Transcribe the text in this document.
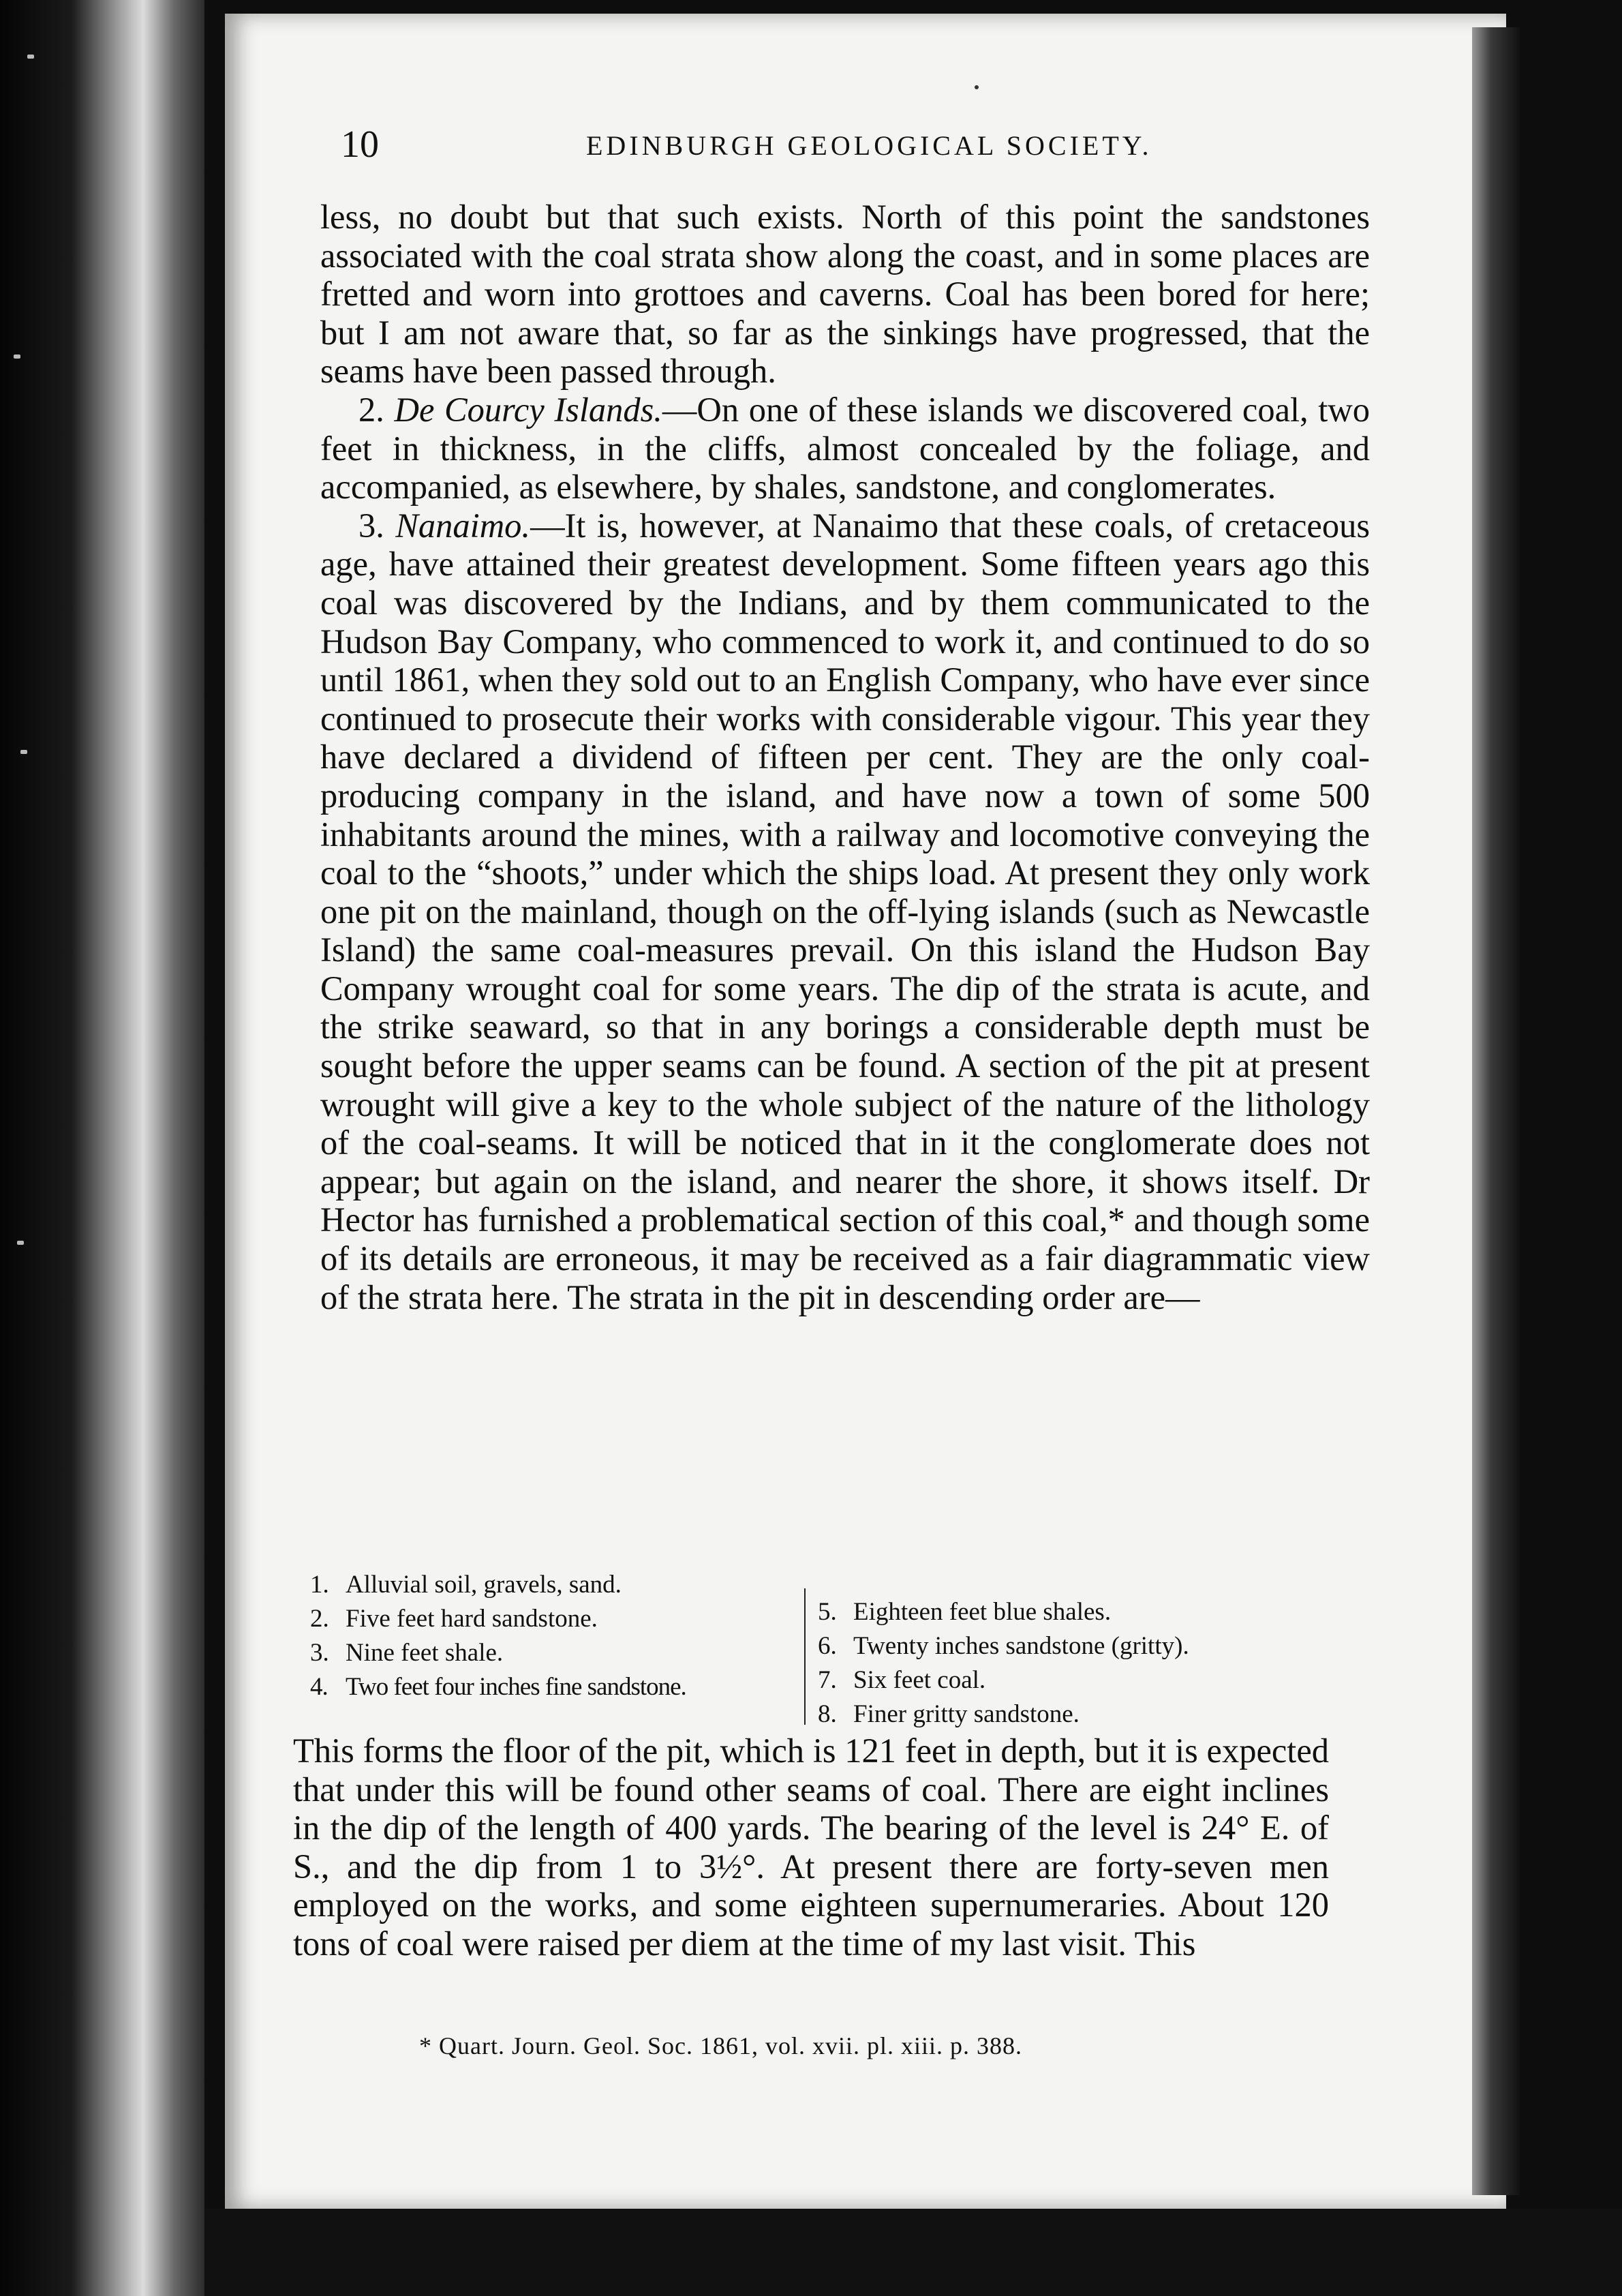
10	EDINBURGH GEOLOGICAL SOCIETY.

less, no doubt but that such exists. North of this point the sandstones associated with the coal strata show along the coast, and in some places are fretted and worn into grottoes and caverns. Coal has been bored for here; but I am not aware that, so far as the sinkings have progressed, that the seams have been passed through.

2. De Courcy Islands.—On one of these islands we discovered coal, two feet in thickness, in the cliffs, almost concealed by the foliage, and accompanied, as elsewhere, by shales, sandstone, and conglomerates.

3. Nanaimo.—It is, however, at Nanaimo that these coals, of cretaceous age, have attained their greatest development. Some fifteen years ago this coal was discovered by the Indians, and by them communicated to the Hudson Bay Company, who commenced to work it, and continued to do so until 1861, when they sold out to an English Company, who have ever since continued to prosecute their works with considerable vigour. This year they have declared a dividend of fifteen per cent. They are the only coal-producing company in the island, and have now a town of some 500 inhabitants around the mines, with a railway and locomotive conveying the coal to the “shoots,” under which the ships load. At present they only work one pit on the mainland, though on the off-lying islands (such as Newcastle Island) the same coal-measures prevail. On this island the Hudson Bay Company wrought coal for some years. The dip of the strata is acute, and the strike seaward, so that in any borings a considerable depth must be sought before the upper seams can be found. A section of the pit at present wrought will give a key to the whole subject of the nature of the lithology of the coal-seams. It will be noticed that in it the conglomerate does not appear; but again on the island, and nearer the shore, it shows itself. Dr Hector has furnished a problematical section of this coal,* and though some of its details are erroneous, it may be received as a fair diagrammatic view of the strata here. The strata in the pit in descending order are—

1. Alluvial soil, gravels, sand.
2. Five feet hard sandstone.
3. Nine feet shale.
4. Two feet four inches fine sandstone.
5. Eighteen feet blue shales.
6. Twenty inches sandstone (gritty).
7. Six feet coal.
8. Finer gritty sandstone.

This forms the floor of the pit, which is 121 feet in depth, but it is expected that under this will be found other seams of coal. There are eight inclines in the dip of the length of 400 yards. The bearing of the level is 24° E. of S., and the dip from 1 to 3½°. At present there are forty-seven men employed on the works, and some eighteen supernumeraries. About 120 tons of coal were raised per diem at the time of my last visit. This

* Quart. Journ. Geol. Soc. 1861, vol. xvii. pl. xiii. p. 388.
